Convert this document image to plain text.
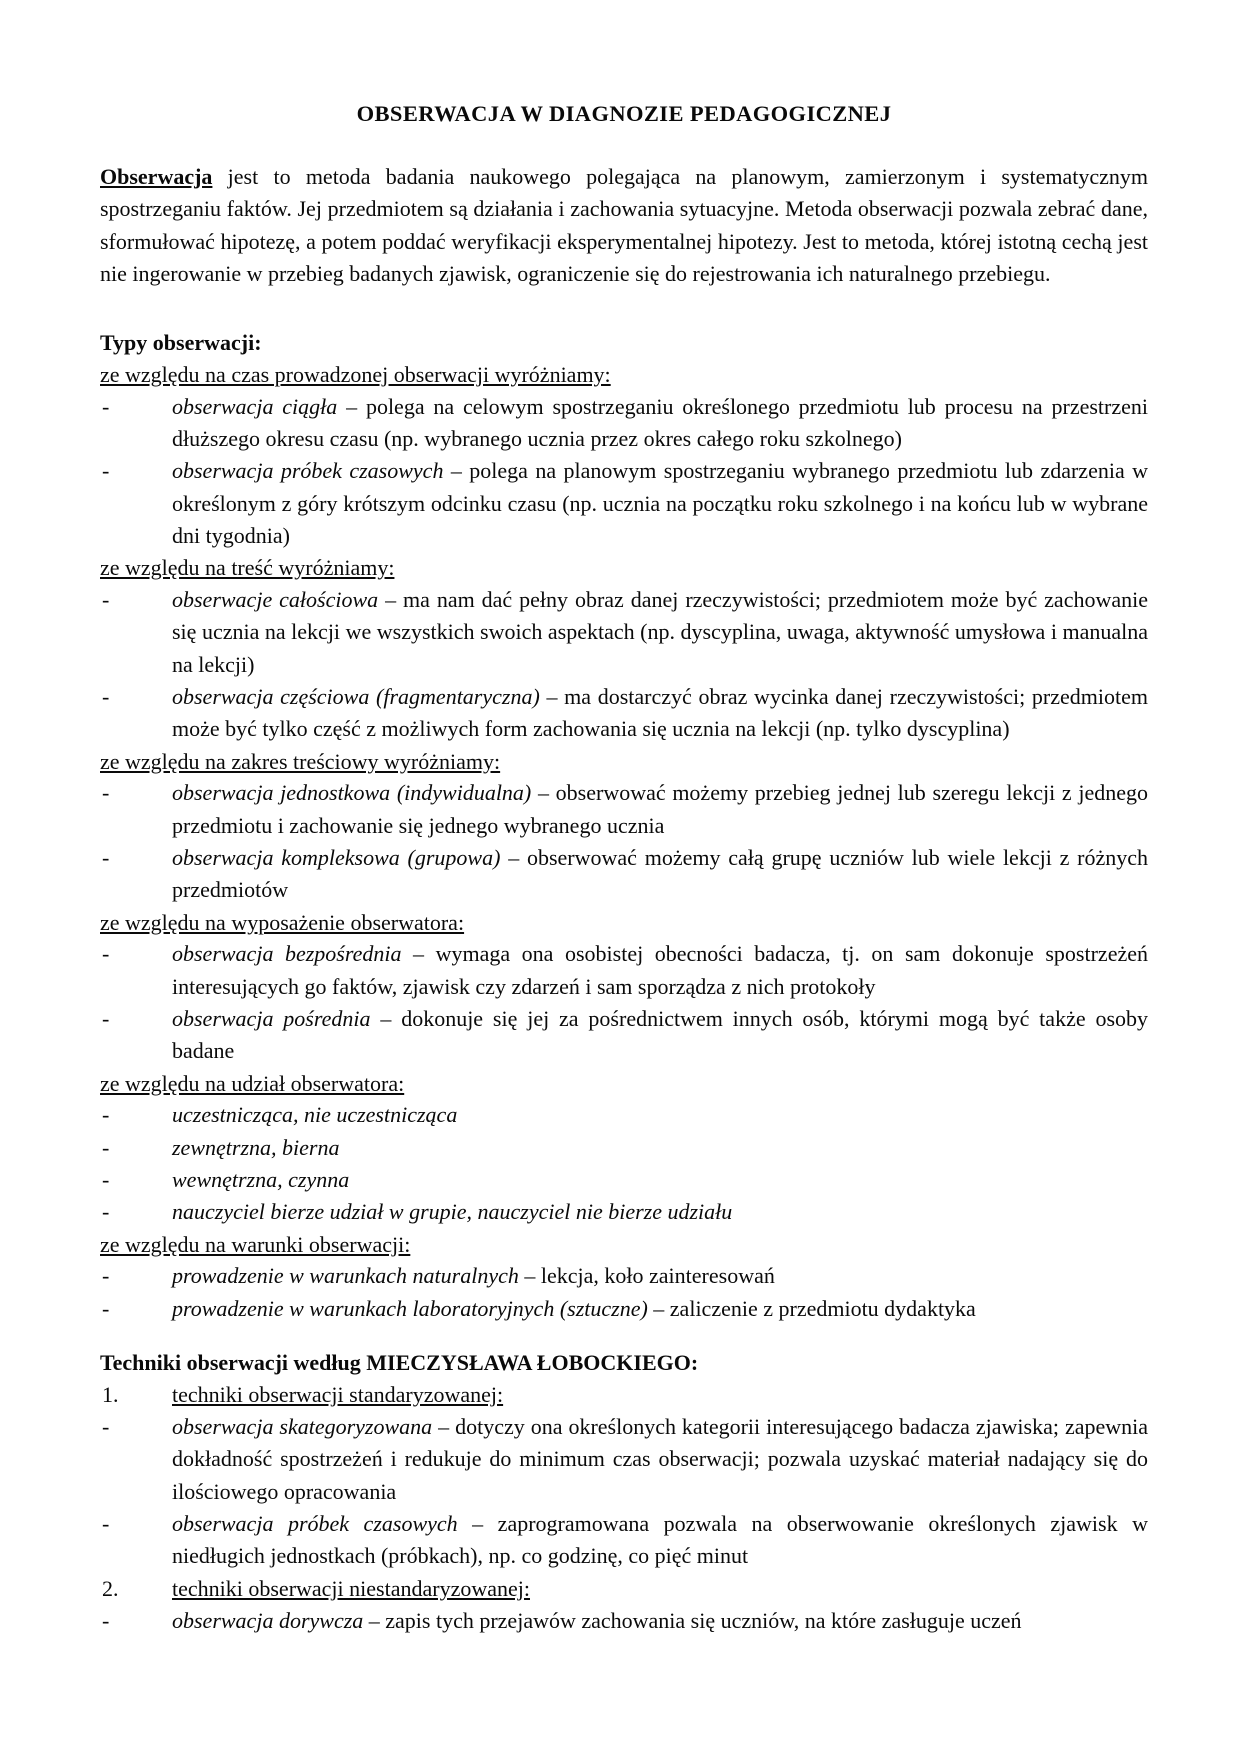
OBSERWACJA W DIAGNOZIE PEDAGOGICZNEJ

Obserwacja jest to metoda badania naukowego polegająca na planowym, zamierzonym i systematycznym spostrzeganiu faktów. Jej przedmiotem są działania i zachowania sytuacyjne. Metoda obserwacji pozwala zebrać dane, sformułować hipotezę, a potem poddać weryfikacji eksperymentalnej hipotezy. Jest to metoda, której istotną cechą jest nie ingerowanie w przebieg badanych zjawisk, ograniczenie się do rejestrowania ich naturalnego przebiegu.

Typy obserwacji:
ze względu na czas prowadzonej obserwacji wyróżniamy:
-	obserwacja ciągła – polega na celowym spostrzeganiu określonego przedmiotu lub procesu na przestrzeni dłuższego okresu czasu (np. wybranego ucznia przez okres całego roku szkolnego)
-	obserwacja próbek czasowych – polega na planowym spostrzeganiu wybranego przedmiotu lub zdarzenia w określonym z góry krótszym odcinku czasu (np. ucznia na początku roku szkolnego i na końcu lub w wybrane dni tygodnia)
ze względu na treść wyróżniamy:
-	obserwacje całościowa – ma nam dać pełny obraz danej rzeczywistości; przedmiotem może być zachowanie się ucznia na lekcji we wszystkich swoich aspektach (np. dyscyplina, uwaga, aktywność umysłowa i manualna na lekcji)
-	obserwacja częściowa (fragmentaryczna) – ma dostarczyć obraz wycinka danej rzeczywistości; przedmiotem może być tylko część z możliwych form zachowania się ucznia na lekcji (np. tylko dyscyplina)
ze względu na zakres treściowy wyróżniamy:
-	obserwacja jednostkowa (indywidualna) – obserwować możemy przebieg jednej lub szeregu lekcji z jednego przedmiotu i zachowanie się jednego wybranego ucznia
-	obserwacja kompleksowa (grupowa) – obserwować możemy całą grupę uczniów lub wiele lekcji z różnych przedmiotów
ze względu na wyposażenie obserwatora:
-	obserwacja bezpośrednia – wymaga ona osobistej obecności badacza, tj. on sam dokonuje spostrzeżeń interesujących go faktów, zjawisk czy zdarzeń i sam sporządza z nich protokoły
-	obserwacja pośrednia – dokonuje się jej za pośrednictwem innych osób, którymi mogą być także osoby badane
ze względu na udział obserwatora:
-	uczestnicząca, nie uczestnicząca
-	zewnętrzna, bierna
-	wewnętrzna, czynna
-	nauczyciel bierze udział w grupie, nauczyciel nie bierze udziału
ze względu na warunki obserwacji:
-	prowadzenie w warunkach naturalnych – lekcja, koło zainteresowań
-	prowadzenie w warunkach laboratoryjnych (sztuczne) – zaliczenie z przedmiotu dydaktyka
Techniki obserwacji według MIECZYSŁAWA ŁOBOCKIEGO:
1. techniki obserwacji standaryzowanej:
-	obserwacja skategoryzowana – dotyczy ona określonych kategorii interesującego badacza zjawiska; zapewnia dokładność spostrzeżeń i redukuje do minimum czas obserwacji; pozwala uzyskać materiał nadający się do ilościowego opracowania
-	obserwacja próbek czasowych – zaprogramowana pozwala na obserwowanie określonych zjawisk w niedługich jednostkach (próbkach), np. co godzinę, co pięć minut
2. techniki obserwacji niestandaryzowanej:
-	obserwacja dorywcza – zapis tych przejawów zachowania się uczniów, na które zasługuje uczeń
